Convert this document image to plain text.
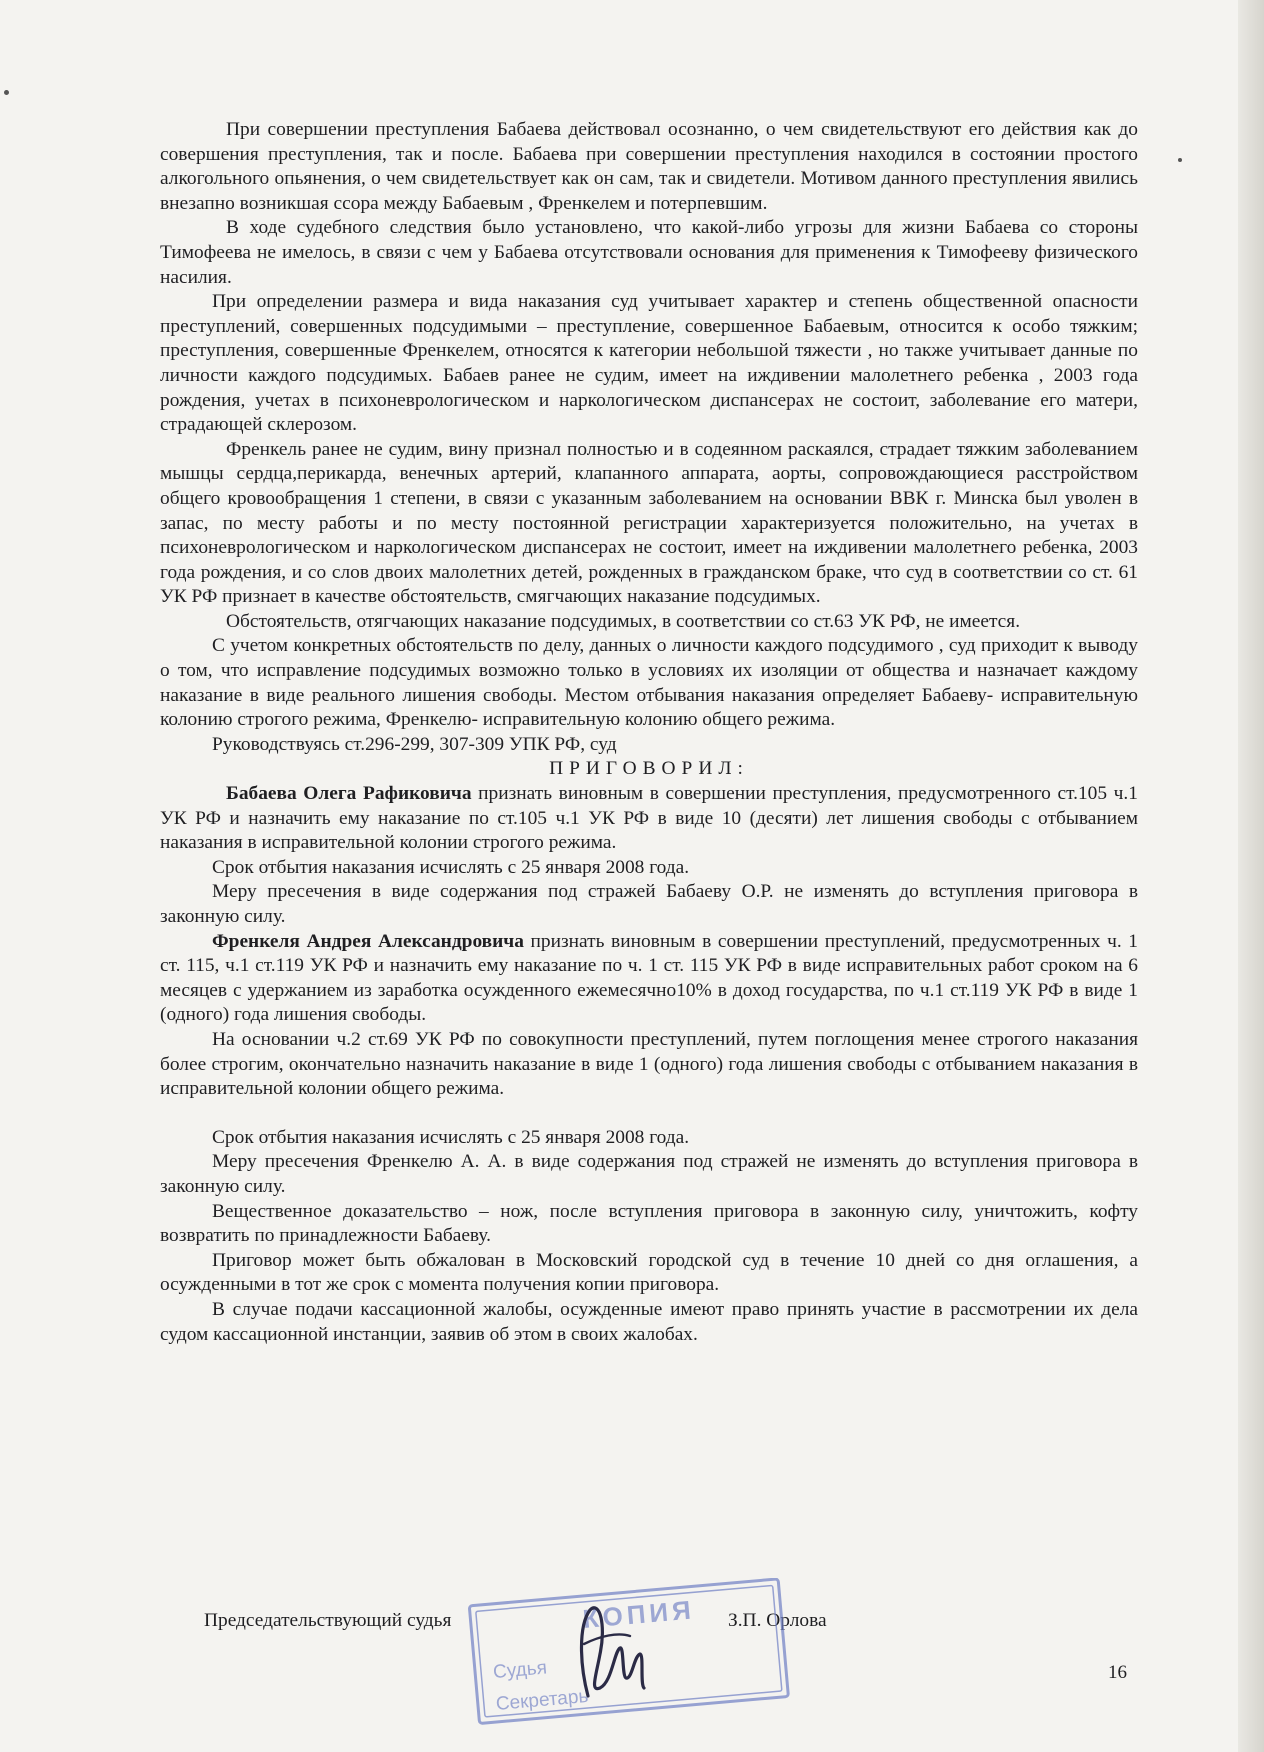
При совершении преступления Бабаева действовал осознанно, о чем свидетельствуют его действия как до совершения преступления, так и после. Бабаева при совершении преступления находился в состоянии простого алкогольного опьянения, о чем свидетельствует как он сам, так и свидетели. Мотивом данного преступления явились внезапно возникшая ссора между Бабаевым , Френкелем и потерпевшим.

В ходе судебного следствия было установлено, что какой-либо угрозы для жизни Бабаева со стороны Тимофеева не имелось, в связи с чем у Бабаева отсутствовали основания для применения к Тимофееву физического насилия.

При определении размера и вида наказания суд учитывает характер и степень общественной опасности преступлений, совершенных подсудимыми – преступление, совершенное Бабаевым, относится к особо тяжким; преступления, совершенные Френкелем, относятся к категории небольшой тяжести , но также учитывает данные по личности каждого подсудимых. Бабаев ранее не судим, имеет на иждивении малолетнего ребенка , 2003 года рождения, учетах в психоневрологическом и наркологическом диспансерах не состоит, заболевание его матери, страдающей склерозом.

Френкель ранее не судим, вину признал полностью и в содеянном раскаялся, страдает тяжким заболеванием мышцы сердца,перикарда, венечных артерий, клапанного аппарата, аорты, сопровождающиеся расстройством общего кровообращения 1 степени, в связи с указанным заболеванием на основании ВВК г. Минска был уволен в запас, по месту работы и по месту постоянной регистрации характеризуется положительно, на учетах в психоневрологическом и наркологическом диспансерах не состоит, имеет на иждивении малолетнего ребенка, 2003 года рождения, и со слов двоих малолетних детей, рожденных в гражданском браке, что суд в соответствии со ст. 61 УК РФ признает в качестве обстоятельств, смягчающих наказание подсудимых.

Обстоятельств, отягчающих наказание подсудимых, в соответствии со ст.63 УК РФ, не имеется.

С учетом конкретных обстоятельств по делу, данных о личности каждого подсудимого , суд приходит к выводу о том, что исправление подсудимых возможно только в условиях их изоляции от общества и назначает каждому наказание в виде реального лишения свободы. Местом отбывания наказания определяет Бабаеву- исправительную колонию строгого режима, Френкелю- исправительную колонию общего режима.

Руководствуясь ст.296-299, 307-309 УПК РФ, суд

ПРИГОВОРИЛ:

Бабаева Олега Рафиковича признать виновным в совершении преступления, предусмотренного ст.105 ч.1 УК РФ и назначить ему наказание по ст.105 ч.1 УК РФ в виде 10 (десяти) лет лишения свободы с отбыванием наказания в исправительной колонии строгого режима.

Срок отбытия наказания исчислять с 25 января 2008 года.

Меру пресечения в виде содержания под стражей Бабаеву О.Р. не изменять до вступления приговора в законную силу.

Френкеля Андрея Александровича признать виновным в совершении преступлений, предусмотренных ч. 1 ст. 115, ч.1 ст.119 УК РФ и назначить ему наказание по ч. 1 ст. 115 УК РФ в виде исправительных работ сроком на 6 месяцев с удержанием из заработка осужденного ежемесячно10% в доход государства, по ч.1 ст.119 УК РФ в виде 1 (одного) года лишения свободы.

На основании ч.2 ст.69 УК РФ по совокупности преступлений, путем поглощения менее строгого наказания более строгим, окончательно назначить наказание в виде 1 (одного) года лишения свободы с отбыванием наказания в исправительной колонии общего режима.

Срок отбытия наказания исчислять с 25 января 2008 года.

Меру пресечения Френкелю А. А. в виде содержания под стражей не изменять до вступления приговора в законную силу.

Вещественное доказательство – нож, после вступления приговора в законную силу, уничтожить, кофту возвратить по принадлежности Бабаеву.

Приговор может быть обжалован в Московский городской суд в течение 10 дней со дня оглашения, а осужденными в тот же срок с момента получения копии приговора.

В случае подачи кассационной жалобы, осужденные имеют право принять участие в рассмотрении их дела судом кассационной инстанции, заявив об этом в своих жалобах.

Председательствующий судья	З.П. Орлова
КОПИЯ
Судья
Секретарь
16
